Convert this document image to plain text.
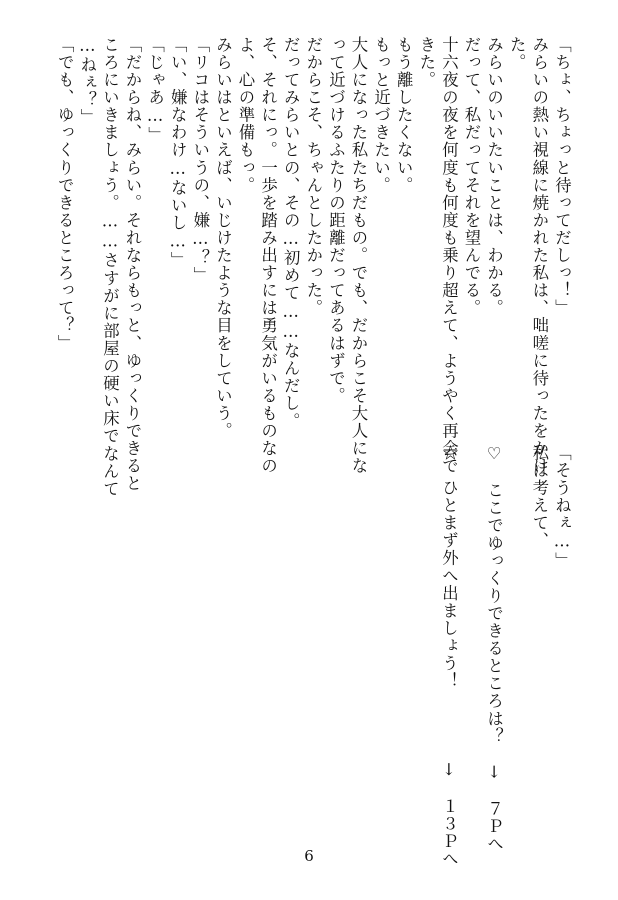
「ちょ、ちょっと待ってだしっ！」
みらいの熱い視線に焼かれた私は、咄嗟に待ったをかけ
た。
みらいのいいたいことは、わかる。
だって、私だってそれを望んでる。
十六夜の夜を何度も何度も乗り超えて、ようやく再会で
きた。
もう離したくない。
もっと近づきたい。
大人になった私たちだもの。でも、だからこそ大人にな
って近づけるふたりの距離だってあるはずで。
だからこそ、ちゃんとしたかった。
だってみらいとの、その…初めて……なんだし。
そ、それにっ。一歩を踏み出すには勇気がいるものなの
よ、心の準備もっ。
みらいはといえば、いじけたような目をしていう。
「リコはそういうの、嫌…？」
「い、嫌なわけ…ないし…」
「じゃあ…」
「だからね、みらい。それならもっと、ゆっくりできると
ころにいきましょう。……さすがに部屋の硬い床でなんて
…ねぇ？」
「でも、ゆっくりできるところって？」
「そうねぇ…」
私は考えて、
♡　ここでゆっくりできるところは？　↓　７Ｐへ
☆　ひとまず外へ出ましょう！　　　　↓　１３Ｐへ
6
